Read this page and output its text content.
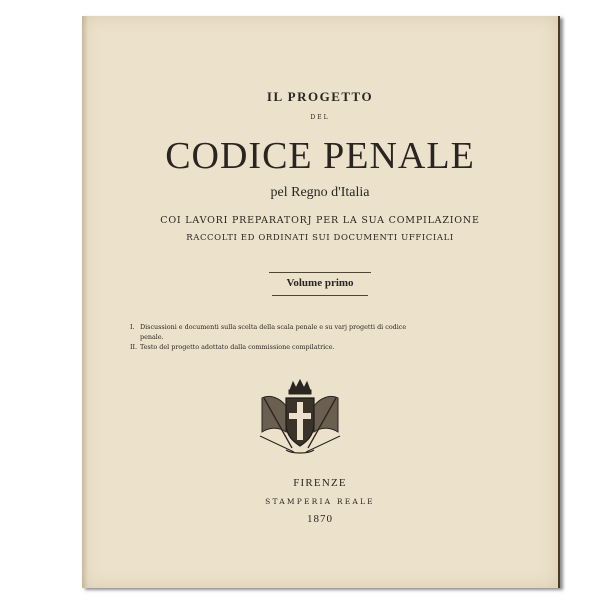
IL PROGETTO
DEL
CODICE PENALE
pel Regno d'Italia
COI LAVORI PREPARATORJ PER LA SUA COMPILAZIONE
RACCOLTI ED ORDINATI SUI DOCUMENTI UFFICIALI
Volume primo
I. Discussioni e documenti sulla scelta della scala penale e su varj progetti di codice penale.
II. Testo del progetto adottato dalla commissione compilatrice.
FIRENZE
STAMPERIA REALE
1870
